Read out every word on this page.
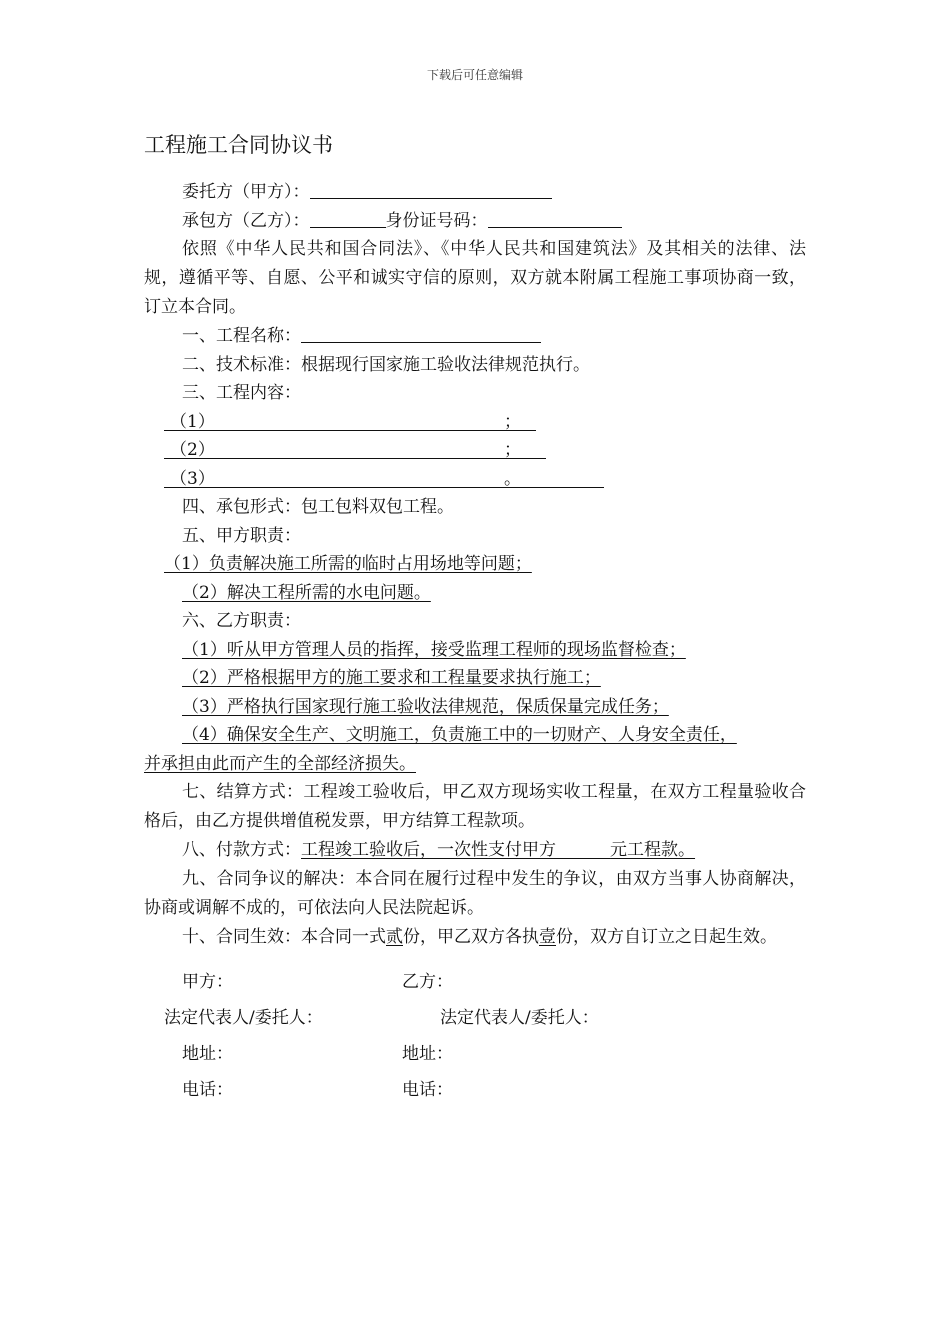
下载后可任意编辑
工程施工合同协议书
委托方（甲方）：
承包方（乙方）：	身份证号码：
依照《中华人民共和国合同法》、《中华人民共和国建筑法》及其相关的法律、法规，遵循平等、自愿、公平和诚实守信的原则，双方就本附属工程施工事项协商一致，订立本合同。
一、工程名称：
二、技术标准：根据现行国家施工验收法律规范执行。
三、工程内容：
（1）	；
（2）	；
（3）	。
四、承包形式：包工包料双包工程。
五、甲方职责：
（1）负责解决施工所需的临时占用场地等问题；
（2）解决工程所需的水电问题。
六、乙方职责：
（1）听从甲方管理人员的指挥，接受监理工程师的现场监督检查；
（2）严格根据甲方的施工要求和工程量要求执行施工；
（3）严格执行国家现行施工验收法律规范，保质保量完成任务；
（4）确保安全生产、文明施工，负责施工中的一切财产、人身安全责任，
并承担由此而产生的全部经济损失。
七、结算方式：工程竣工验收后，甲乙双方现场实收工程量，在双方工程量验收合格后，由乙方提供增值税发票，甲方结算工程款项。
八、付款方式：工程竣工验收后，一次性支付甲方	元工程款。
九、合同争议的解决：本合同在履行过程中发生的争议，由双方当事人协商解决，协商或调解不成的，可依法向人民法院起诉。
十、合同生效：本合同一式贰份，甲乙双方各执壹份，双方自订立之日起生效。
甲方：	乙方：
法定代表人/委托人：	法定代表人/委托人：
地址：	地址：
电话：	电话：
